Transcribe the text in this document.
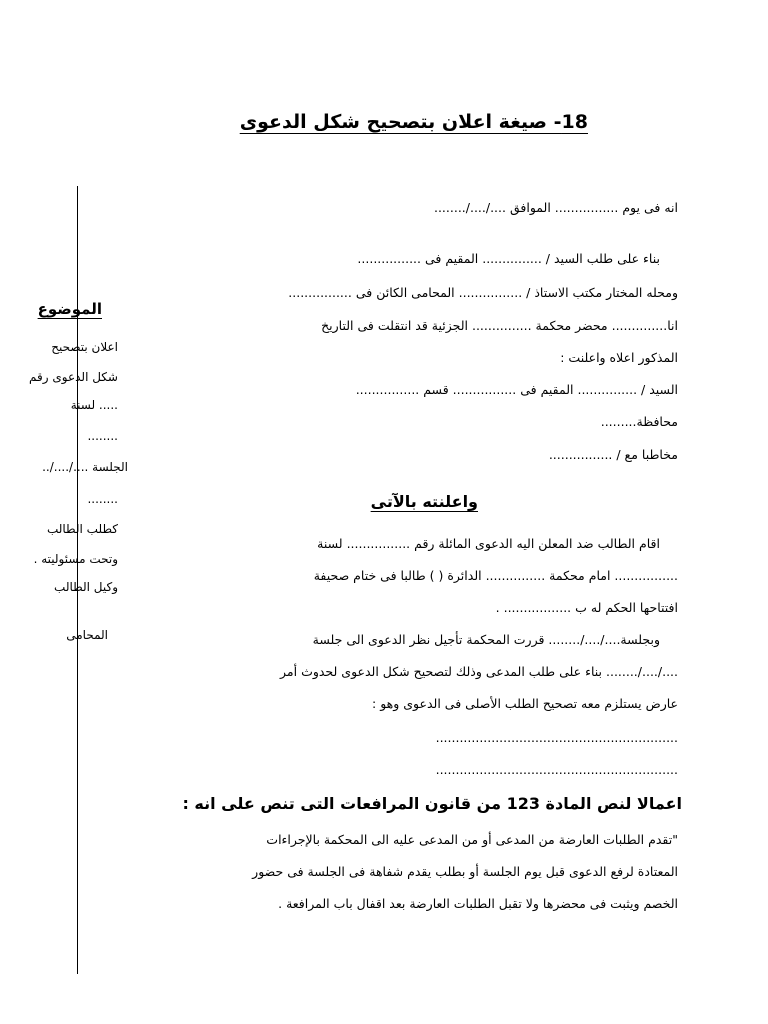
18- صيغة اعلان بتصحيح شكل الدعوى
انه فى يوم ................ الموافق ..../..../........
بناء على طلب السيد / ............... المقيم فى ................
ومحله المختار مكتب الاستاذ / ................ المحامى الكائن فى ................
انا.............. محضر محكمة ............... الجزئية قد انتقلت فى التاريخ
المذكور اعلاه واعلنت :
السيد / ............... المقيم فى ................ قسم ................
محافظة.........
مخاطبا مع / ................
واعلنته بالآتى
اقام الطالب ضد المعلن اليه الدعوى المائلة رقم ................ لسنة
................ امام محكمة ............... الدائرة ( ) طالبا فى ختام صحيفة
افتتاحها الحكم له ب ................. .
وبجلسة..../..../........ قررت المحكمة تأجيل نظر الدعوى الى جلسة
..../..../........ بناء على طلب المدعى وذلك لتصحيح شكل الدعوى لحدوث أمر
عارض يستلزم معه تصحيح الطلب الأصلى فى الدعوى وهو :
.............................................................
.............................................................
اعمالا لنص المادة 123 من قانون المرافعات التى تنص على انه :
"تقدم الطلبات العارضة من المدعى أو من المدعى عليه الى المحكمة بالإجراءات
المعتادة لرفع الدعوى قبل يوم الجلسة أو بطلب يقدم شفاهة فى الجلسة فى حضور
الخصم ويثبت فى محضرها ولا تقبل الطلبات العارضة بعد اقفال باب المرافعة .
الموضوع
اعلان بتصحيح
شكل الدعوى رقم
..... لسنة
........
الجلسة ..../..../..
........
كطلب الطالب
وتحت مسئوليته .
وكيل الطالب
المحامى
